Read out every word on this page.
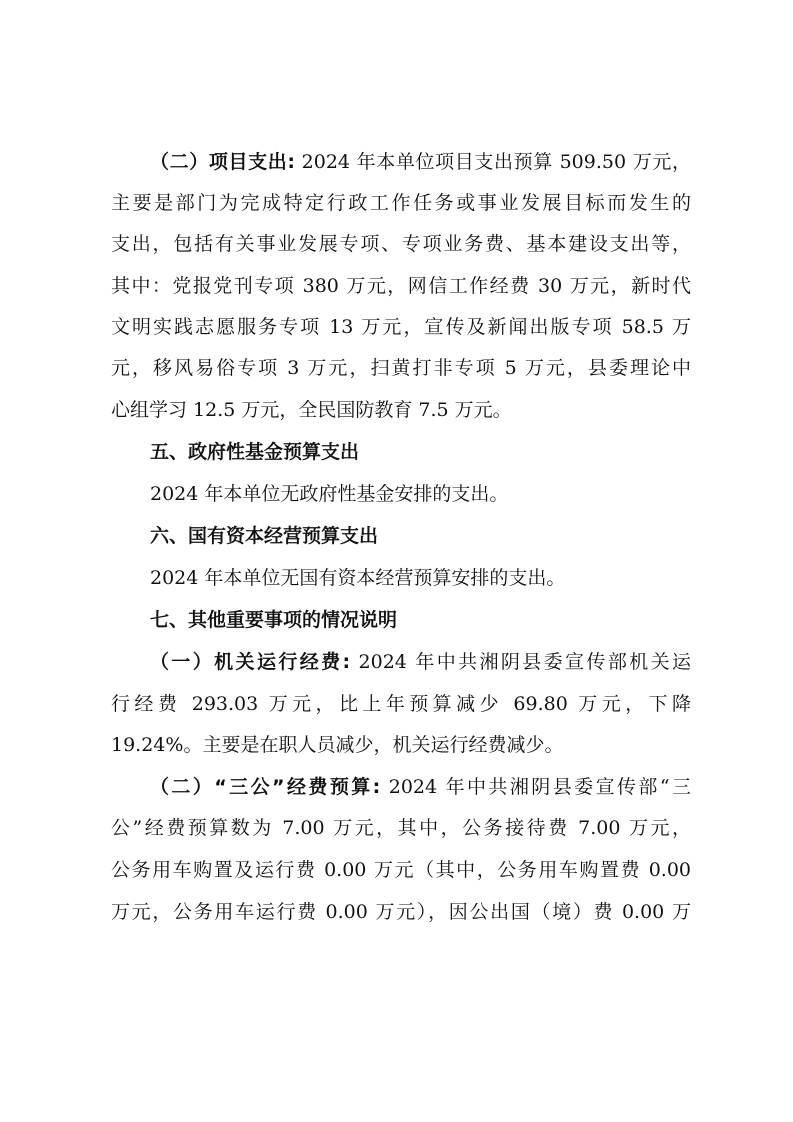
（二）项目支出: 2024 年本单位项目支出预算 509.50 万元，
主要是部门为完成特定行政工作任务或事业发展目标而发生的
支出，包括有关事业发展专项、专项业务费、基本建设支出等，
其中：党报党刊专项 380 万元，网信工作经费 30 万元，新时代
文明实践志愿服务专项 13 万元，宣传及新闻出版专项 58.5 万
元，移风易俗专项 3 万元，扫黄打非专项 5 万元，县委理论中
心组学习 12.5 万元，全民国防教育 7.5 万元。
五、政府性基金预算支出
2024 年本单位无政府性基金安排的支出。
六、国有资本经营预算支出
2024 年本单位无国有资本经营预算安排的支出。
七、其他重要事项的情况说明
（一）机关运行经费: 2024 年中共湘阴县委宣传部机关运
行经费 293.03 万元，比上年预算减少 69.80 万元，下降
19.24%。主要是在职人员减少，机关运行经费减少。
（二）“三公”经费预算: 2024 年中共湘阴县委宣传部“三
公”经费预算数为 7.00 万元，其中，公务接待费 7.00 万元，
公务用车购置及运行费 0.00 万元（其中，公务用车购置费 0.00
万元，公务用车运行费 0.00 万元），因公出国（境）费 0.00 万
